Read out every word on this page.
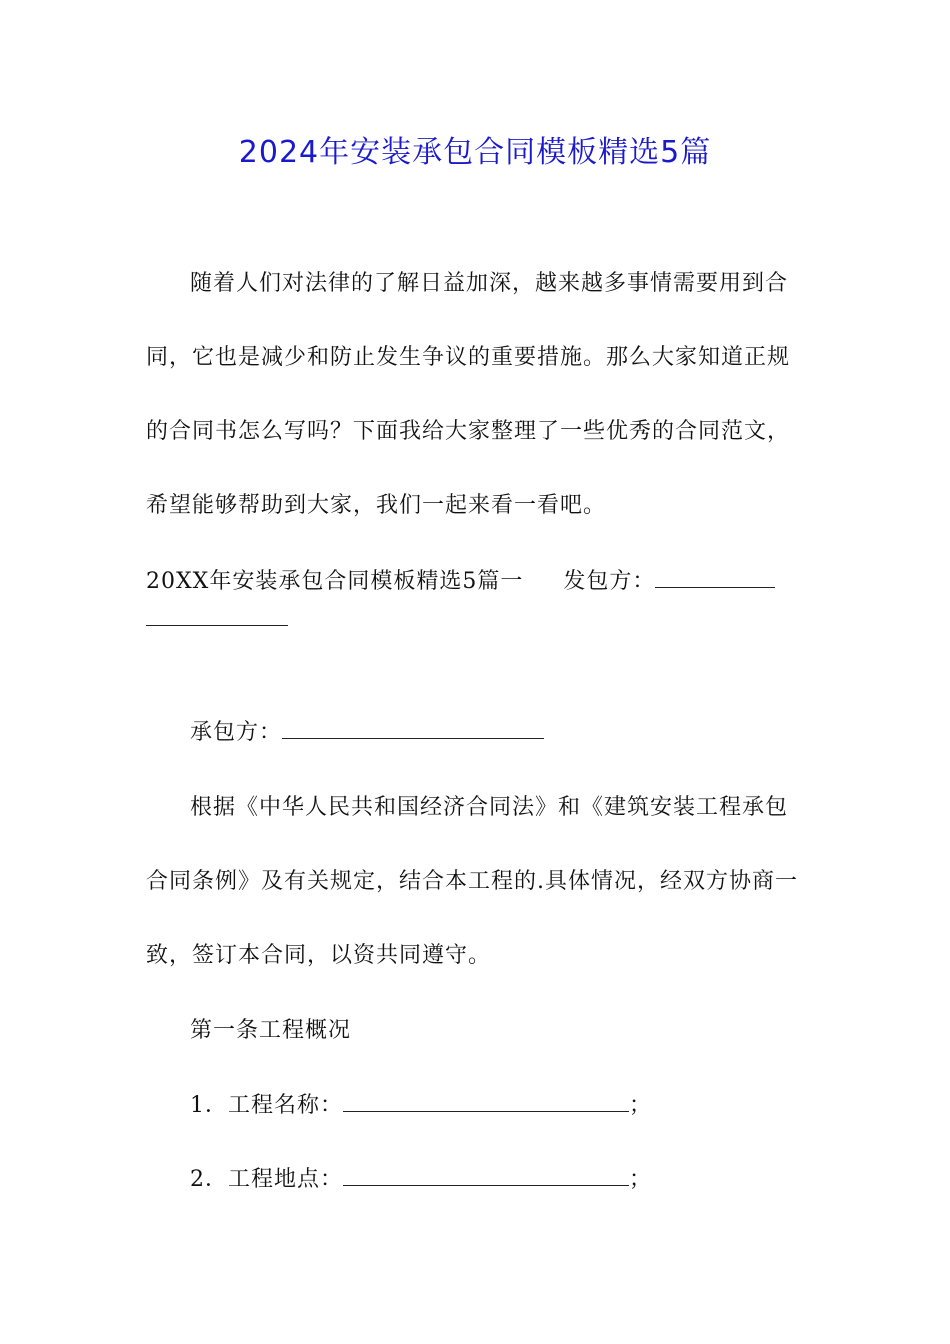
2024年安装承包合同模板精选5篇

随着人们对法律的了解日益加深，越来越多事情需要用到合同，它也是减少和防止发生争议的重要措施。那么大家知道正规的合同书怎么写吗？下面我给大家整理了一些优秀的合同范文，希望能够帮助到大家，我们一起来看一看吧。

20XX年安装承包合同模板精选5篇一 发包方：
承包方：

根据《中华人民共和国经济合同法》和《建筑安装工程承包合同条例》及有关规定，结合本工程的.具体情况，经双方协商一致，签订本合同，以资共同遵守。

第一条工程概况
1．工程名称：	；
2．工程地点：	；
